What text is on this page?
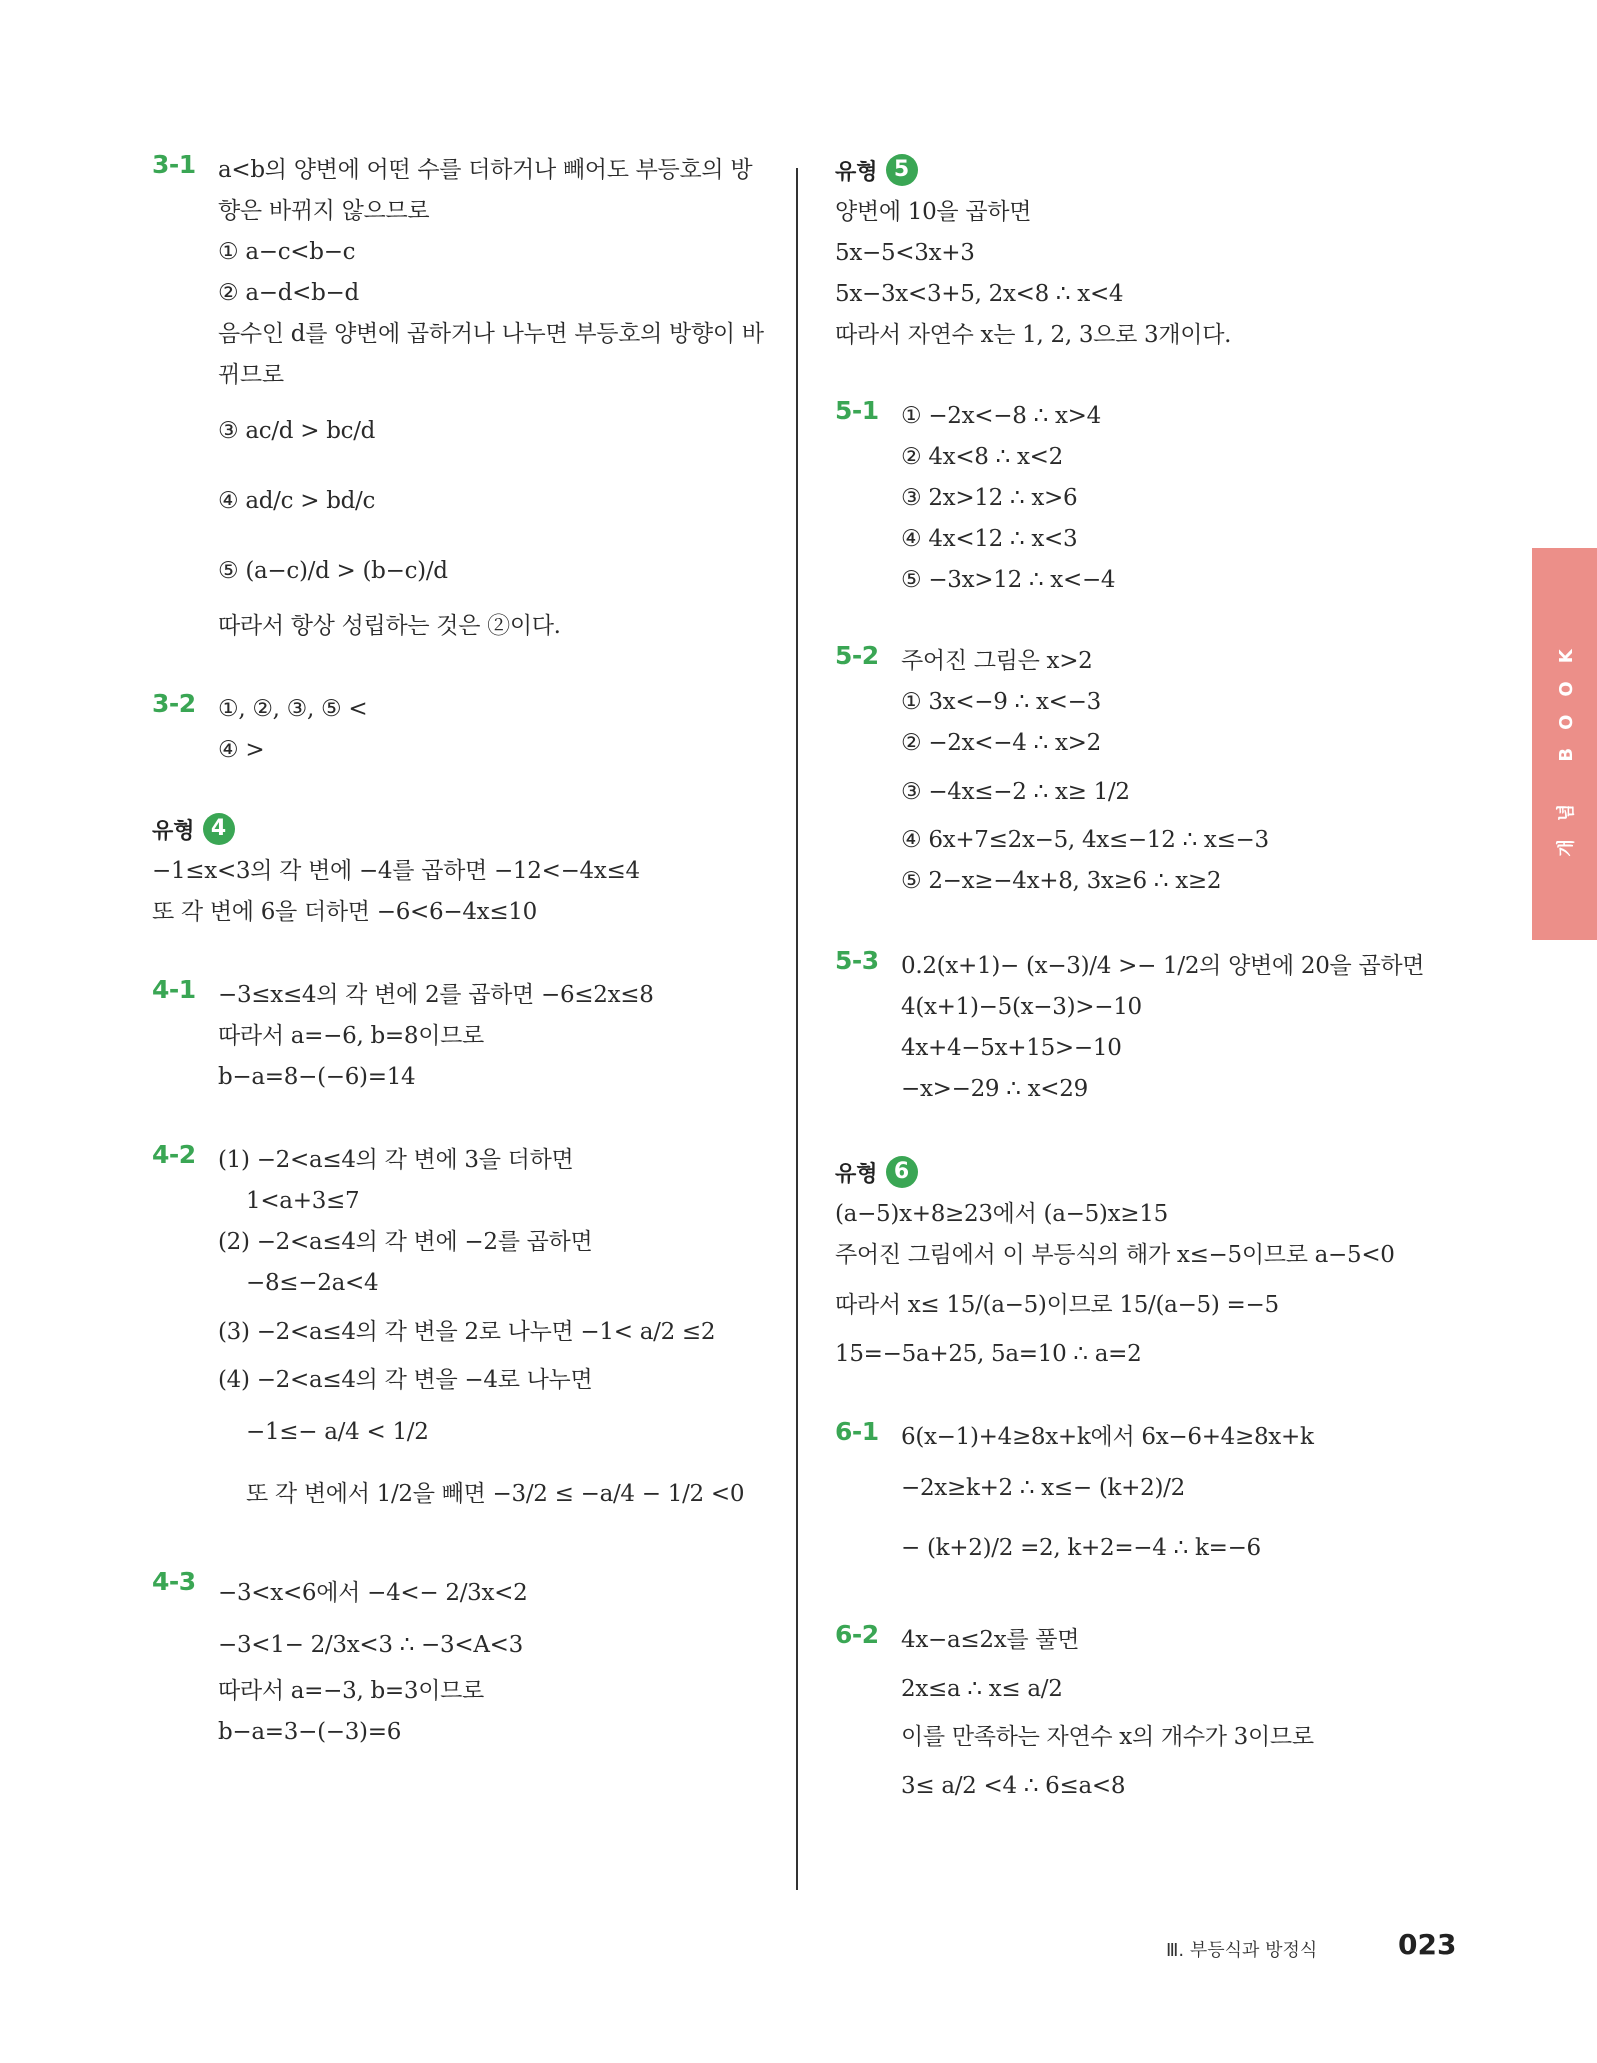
3-1 a<b의 양변에 어떤 수를 더하거나 빼어도 부등호의 방
향은 바뀌지 않으므로
① a−c<b−c
② a−d<b−d
음수인 d를 양변에 곱하거나 나누면 부등호의 방향이 바
뀌므로
③ ac/d > bc/d
④ ad/c > bd/c
⑤ (a−c)/d > (b−c)/d
따라서 항상 성립하는 것은 ②이다.
3-2 ①, ②, ③, ⑤ <
④ >
유형 4
−1≤x<3의 각 변에 −4를 곱하면 −12<−4x≤4
또 각 변에 6을 더하면 −6<6−4x≤10
4-1 −3≤x≤4의 각 변에 2를 곱하면 −6≤2x≤8
따라서 a=−6, b=8이므로
b−a=8−(−6)=14
4-2 (1) −2<a≤4의 각 변에 3을 더하면
1<a+3≤7
(2) −2<a≤4의 각 변에 −2를 곱하면
−8≤−2a<4
(3) −2<a≤4의 각 변을 2로 나누면 −1< a/2 ≤2
(4) −2<a≤4의 각 변을 −4로 나누면
−1≤− a/4 < 1/2
또 각 변에서 1/2을 빼면 −3/2 ≤ −a/4 − 1/2 <0
4-3 −3<x<6에서 −4<− 2/3x<2
−3<1− 2/3x<3 ∴ −3<A<3
따라서 a=−3, b=3이므로
b−a=3−(−3)=6
유형 5
양변에 10을 곱하면
5x−5<3x+3
5x−3x<3+5, 2x<8 ∴ x<4
따라서 자연수 x는 1, 2, 3으로 3개이다.
5-1 ① −2x<−8 ∴ x>4
② 4x<8 ∴ x<2
③ 2x>12 ∴ x>6
④ 4x<12 ∴ x<3
⑤ −3x>12 ∴ x<−4
5-2 주어진 그림은 x>2
① 3x<−9 ∴ x<−3
② −2x<−4 ∴ x>2
③ −4x≤−2 ∴ x≥ 1/2
④ 6x+7≤2x−5, 4x≤−12 ∴ x≤−3
⑤ 2−x≥−4x+8, 3x≥6 ∴ x≥2
5-3 0.2(x+1)− (x−3)/4 >− 1/2의 양변에 20을 곱하면
4(x+1)−5(x−3)>−10
4x+4−5x+15>−10
−x>−29 ∴ x<29
유형 6
(a−5)x+8≥23에서 (a−5)x≥15
주어진 그림에서 이 부등식의 해가 x≤−5이므로 a−5<0
따라서 x≤ 15/(a−5)이므로 15/(a−5) =−5
15=−5a+25, 5a=10 ∴ a=2
6-1 6(x−1)+4≥8x+k에서 6x−6+4≥8x+k
−2x≥k+2 ∴ x≤− (k+2)/2
− (k+2)/2 =2, k+2=−4 ∴ k=−6
6-2 4x−a≤2x를 풀면
2x≤a ∴ x≤ a/2
이를 만족하는 자연수 x의 개수가 3이므로
3≤ a/2 <4 ∴ 6≤a<8
개념 BOOK
Ⅲ. 부등식과 방정식	023
